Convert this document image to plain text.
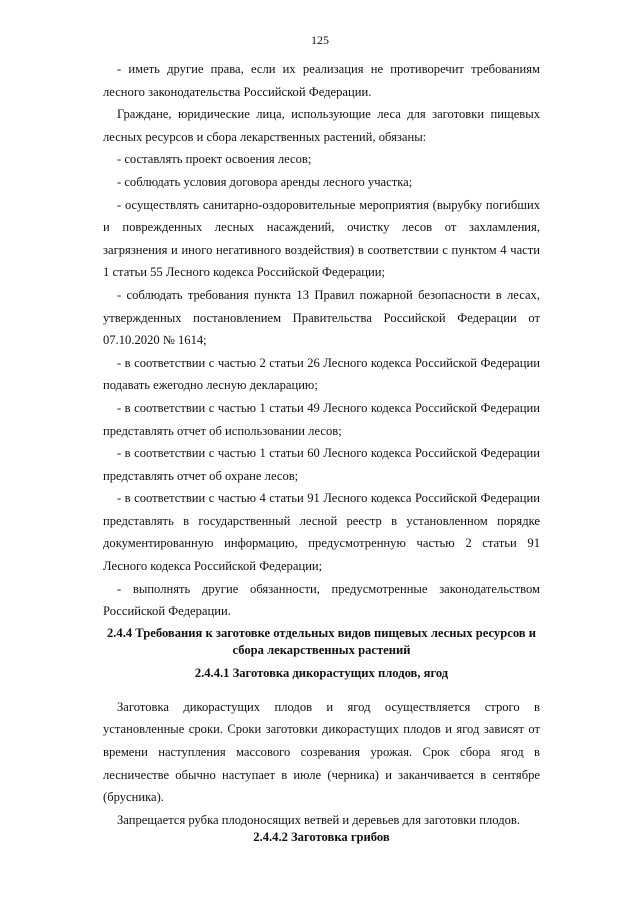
125

- иметь другие права, если их реализация не противоречит требованиям лесного законодательства Российской Федерации.

Граждане, юридические лица, использующие леса для заготовки пищевых лесных ресурсов и сбора лекарственных растений, обязаны:

- составлять проект освоения лесов;

- соблюдать условия договора аренды лесного участка;

- осуществлять санитарно-оздоровительные мероприятия (вырубку погибших и поврежденных лесных насаждений, очистку лесов от захламления, загрязнения и иного негативного воздействия) в соответствии с пунктом 4 части 1 статьи 55 Лесного кодекса Российской Федерации;

- соблюдать требования пункта 13 Правил пожарной безопасности в лесах, утвержденных постановлением Правительства Российской Федерации от 07.10.2020 № 1614;

- в соответствии с частью 2 статьи 26 Лесного кодекса Российской Федерации подавать ежегодно лесную декларацию;

- в соответствии с частью 1 статьи 49 Лесного кодекса Российской Федерации представлять отчет об использовании лесов;

- в соответствии с частью 1 статьи 60 Лесного кодекса Российской Федерации представлять отчет об охране лесов;

- в соответствии с частью 4 статьи 91 Лесного кодекса Российской Федерации представлять в государственный лесной реестр в установленном порядке документированную информацию, предусмотренную частью 2 статьи 91 Лесного кодекса Российской Федерации;

- выполнять другие обязанности, предусмотренные законодательством Российской Федерации.

2.4.4 Требования к заготовке отдельных видов пищевых лесных ресурсов и сбора лекарственных растений
2.4.4.1 Заготовка дикорастущих плодов, ягод

Заготовка дикорастущих плодов и ягод осуществляется строго в установленные сроки. Сроки заготовки дикорастущих плодов и ягод зависят от времени наступления массового созревания урожая. Срок сбора ягод в лесничестве обычно наступает в июле (черника) и заканчивается в сентябре (брусника).

Запрещается рубка плодоносящих ветвей и деревьев для заготовки плодов.

2.4.4.2 Заготовка грибов
